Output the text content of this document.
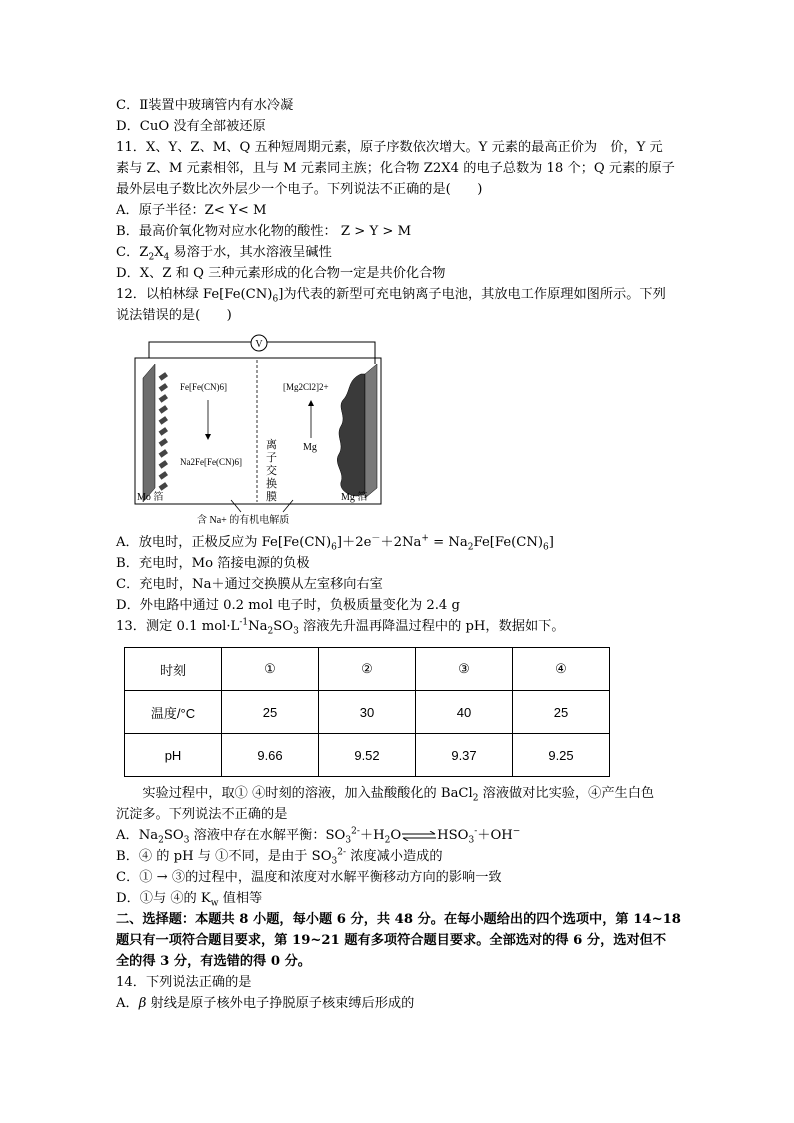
C．Ⅱ装置中玻璃管内有水冷凝
D．CuO 没有全部被还原
11．X、Y、Z、M、Q 五种短周期元素，原子序数依次增大。Y 元素的最高正价为　价，Y 元
素与 Z、M 元素相邻，且与 M 元素同主族；化合物 Z2X4 的电子总数为 18 个；Q 元素的原子
最外层电子数比次外层少一个电子。下列说法不正确的是(　　)
A．原子半径：Z< Y< M
B．最高价氧化物对应水化物的酸性： Z > Y > M
C．$Z_2X_4$ 易溶于水，其水溶液呈碱性
D．X、Z 和 Q 三种元素形成的化合物一定是共价化合物
12．以柏林绿 $Fe[Fe(CN)_6]$为代表的新型可充电钠离子电池，其放电工作原理如图所示。下列
说法错误的是(　　)
V
Fe[Fe(CN)6]
Na2Fe[Fe(CN)6]
离
子
交
换
膜
[Mg2Cl2]2+
Mg
Mo 箔	Mg 箔
含 Na+ 的有机电解质
A．放电时，正极反应为 $Fe[Fe(CN)_6]+2e^-+2Na^+ = Na_2Fe[Fe(CN)_6]$
B．充电时，Mo 箔接电源的负极
C．充电时，Na＋通过交换膜从左室移向右室
D．外电路中通过 0.2 mol 电子时，负极质量变化为 2.4 g
13．测定 0.1 $mol\cdot L^{-1}Na_2SO_3$ 溶液先升温再降温过程中的 pH，数据如下。
时刻	①	②	③	④
温度/°C	25	30	40	25
pH	9.66	9.52	9.37	9.25
　　实验过程中，取① ④时刻的溶液，加入盐酸酸化的 BaCl$_2$ 溶液做对比实验，④产生白色
沉淀多。下列说法不正确的是
A．$Na_2SO_3$ 溶液中存在水解平衡：$SO_3^{2-}+H_2O\rightleftharpoons HSO_3^-+OH^-$
B．④ 的 pH 与 ①不同，是由于 $SO_3^{2-}$ 浓度减小造成的
C．① → ③的过程中，温度和浓度对水解平衡移动方向的影响一致
D．①与 ④的 $K_w$ 值相等
二、选择题：本题共 8 小题，每小题 6 分，共 48 分。在每小题给出的四个选项中，第 14~18
题只有一项符合题目要求，第 19~21 题有多项符合题目要求。全部选对的得 6 分，选对但不
全的得 3 分，有选错的得 0 分。
14．下列说法正确的是
A．β 射线是原子核外电子挣脱原子核束缚后形成的
